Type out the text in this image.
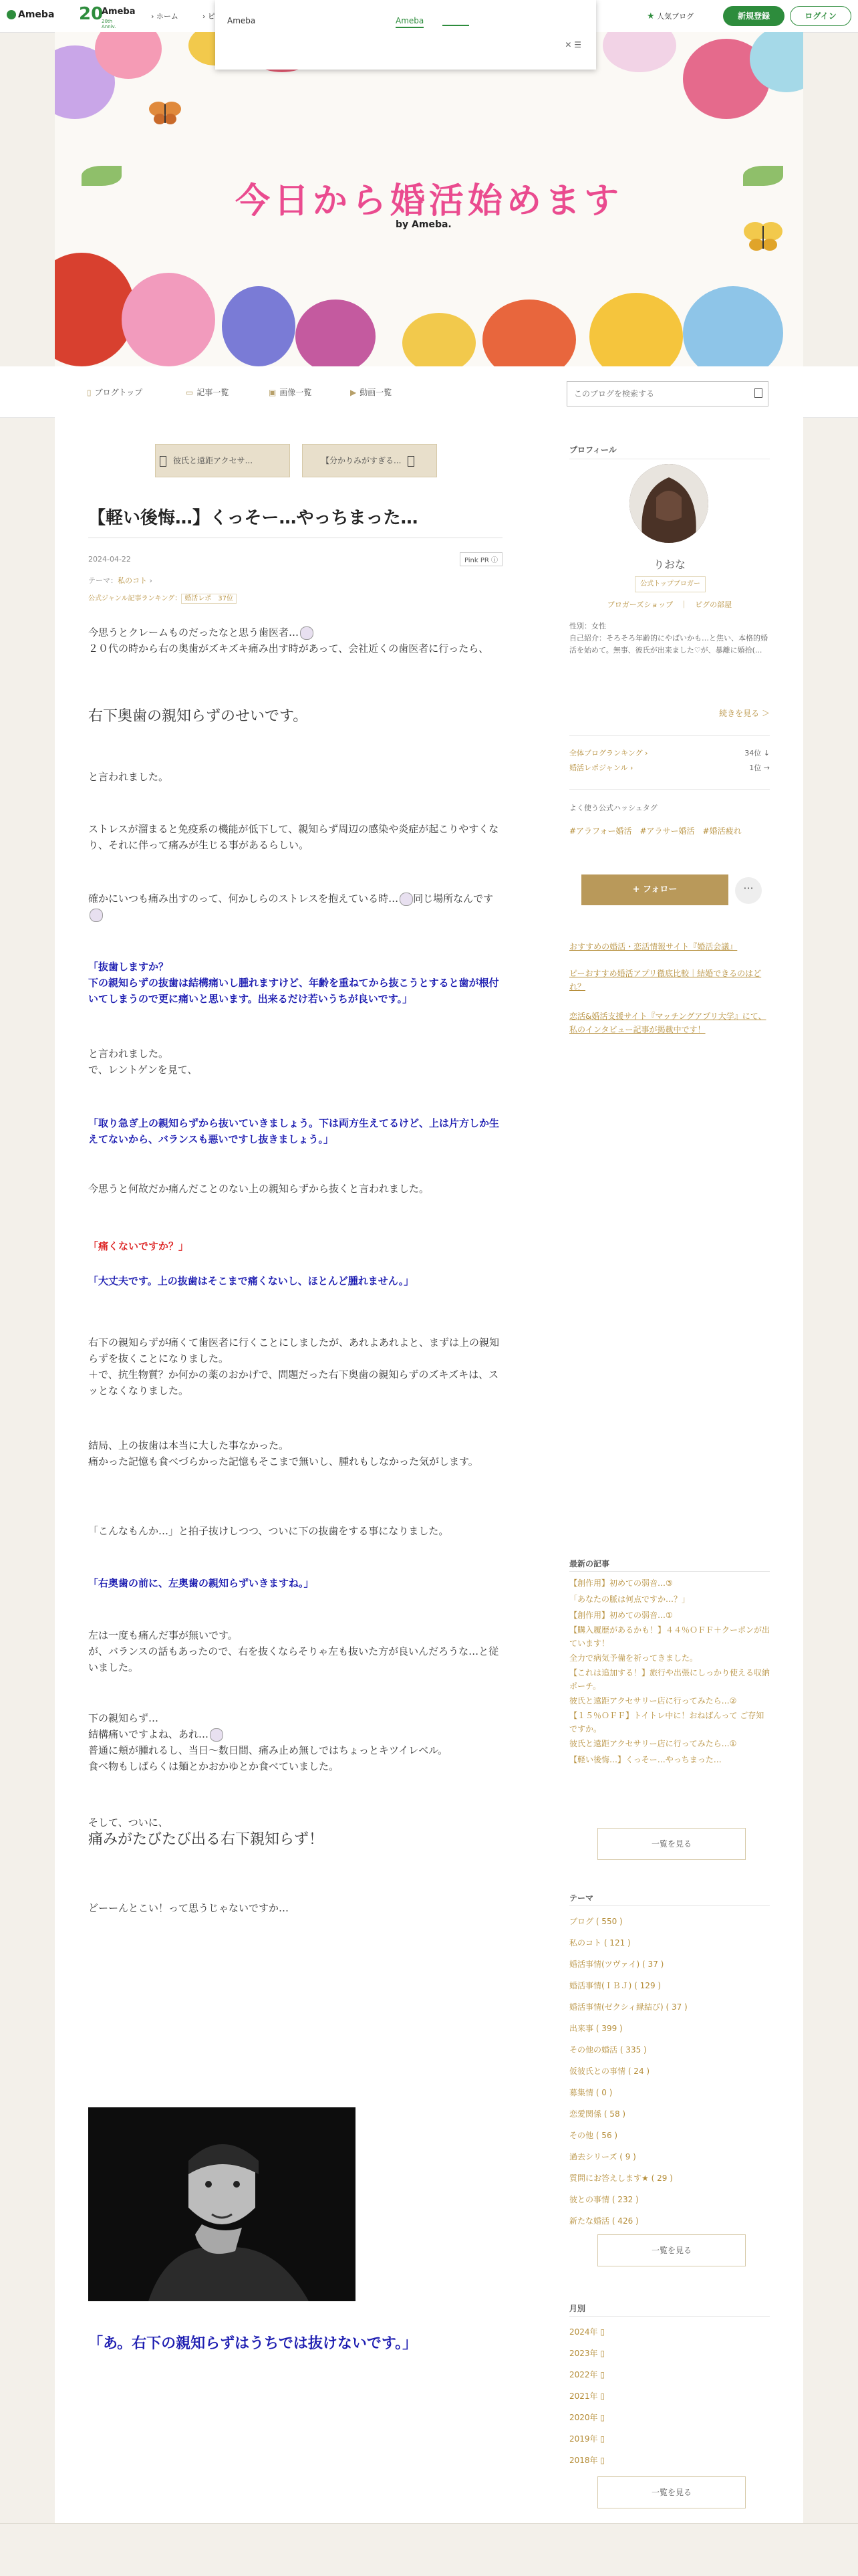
Ameba 20
Ameba
20th Anniv.
› ホーム	› ピ	★ 人気ブログ	新規登録	ログイン
Ameba	Ameba
✕ ☰
今日から婚活始めます
by Ameba.
▯ ブログトップ	▭ 記事一覧	▣ 画像一覧	▶ 動画一覧
このブログを検索する
彼氏と遠距アクセサ...	【分かりみがすぎる...
【軽い後悔…】くっそー…やっちまった…
2024-04-22	Pink PR ⓘ
テーマ：私のコト ›
公式ジャンル記事ランキング： 婚活レポ　37位
今思うとクレームものだったなと思う歯医者…
２０代の時から右の奥歯がズキズキ痛み出す時があって、会社近くの歯医者に行ったら、
右下奥歯の親知らずのせいです。
と言われました。
ストレスが溜まると免疫系の機能が低下して、親知らず周辺の感染や炎症が起こりやすくなり、それに伴って痛みが生じる事があるらしい。
確かにいつも痛み出すのって、何かしらのストレスを抱えている時… 同じ場所なんです
「抜歯しますか？
下の親知らずの抜歯は結構痛いし腫れますけど、年齢を重ねてから抜こうとすると歯が根付いてしまうので更に痛いと思います。出来るだけ若いうちが良いです。」
と言われました。
で、レントゲンを見て、
「取り急ぎ上の親知らずから抜いていきましょう。下は両方生えてるけど、上は片方しか生えてないから、バランスも悪いですし抜きましょう。」
今思うと何故だか痛んだことのない上の親知らずから抜くと言われました。
「痛くないですか？」
「大丈夫です。上の抜歯はそこまで痛くないし、ほとんど腫れません。」
右下の親知らずが痛くて歯医者に行くことにしましたが、あれよあれよと、まずは上の親知らずを抜くことになりました。
＋で、抗生物質？か何かの薬のおかげで、問題だった右下奥歯の親知らずのズキズキは、スッとなくなりました。
結局、上の抜歯は本当に大した事なかった。
痛かった記憶も食べづらかった記憶もそこまで無いし、腫れもしなかった気がします。
「こんなもんか…」と拍子抜けしつつ、ついに下の抜歯をする事になりました。
「右奥歯の前に、左奥歯の親知らずいきますね。」
左は一度も痛んだ事が無いです。
が、バランスの話もあったので、右を抜くならそりゃ左も抜いた方が良いんだろうな…と従いました。
下の親知らず…
結構痛いですよね、あれ…
普通に頬が腫れるし、当日〜数日間、痛み止め無しではちょっとキツイレベル。
食べ物もしばらくは麺とかおかゆとか食べていました。
そして、ついに、
痛みがたびたび出る右下親知らず！
どーーんとこい！って思うじゃないですか…
「あ。右下の親知らずはうちでは抜けないです。」
プロフィール
りおな
公式トップブロガー
ブロガーズショップ　｜　ピグの部屋
性別：女性
自己紹介：そろそろ年齢的にやばいかも…と焦い、本格的婚活を始めて。無事、彼氏が出来ました♡が、暴離に婚拾(...
続きを見る ＞
全体ブログランキング ›	34位 ↓
婚活レポジャンル ›	1位 →
よく使う公式ハッシュタグ
#アラフォー婚活　#アラサー婚活　#婚活疲れ
+ フォロー	···
おすすめの婚活・恋活情報サイト『婚活会議』
ピーおすすめ婚活アプリ徹底比較｜結婚できるのはどれ？
恋活&婚活支援サイト『マッチングアプリ大学』にて、私のインタビュー記事が掲載中です！
最新の記事
【創作用】初めての弱音…③
「あなたの脈は何点ですか…？」
【創作用】初めての弱音…①
【購入履歴があるかも！】４４％ＯＦＦ＋クーポンが出ています！
全力で病気予備を祈ってきました。
【これは追加する！】旅行や出張にしっかり使える収納ポーチ。
彼氏と遠距アクセサリー店に行ってみたら…②
【１５％ＯＦＦ】トイトレ中に！おねばんって ご存知ですか。
彼氏と遠距アクセサリー店に行ってみたら…①
【軽い後悔…】くっそー…やっちまった…
一覧を見る
テーマ
ブログ ( 550 )
私のコト ( 121 )
婚活事情(ツヴァイ) ( 37 )
婚活事情(ＩＢＪ) ( 129 )
婚活事情(ゼクシィ縁結び) ( 37 )
出来事 ( 399 )
その他の婚活 ( 335 )
仮彼氏との事情 ( 24 )
募集情 ( 0 )
恋愛関係 ( 58 )
その他 ( 56 )
過去シリーズ ( 9 )
質問にお答えします★ ( 29 )
彼との事情 ( 232 )
新たな婚活 ( 426 )
一覧を見る
月別
2024年 ▯
2023年 ▯
2022年 ▯
2021年 ▯
2020年 ▯
2019年 ▯
2018年 ▯
一覧を見る
